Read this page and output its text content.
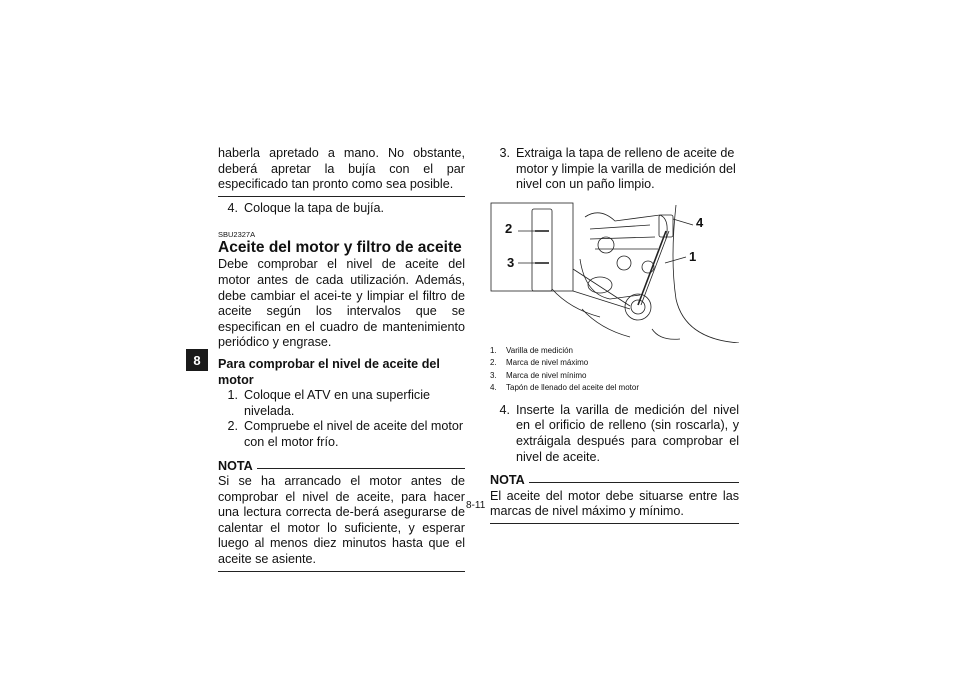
8

haberla apretado a mano. No obstante, deberá apretar la bujía con el par especificado tan pronto como sea posible.

4. Coloque la tapa de bujía.
SBU2327A
Aceite del motor y filtro de aceite

Debe comprobar el nivel de aceite del motor antes de cada utilización. Además, debe cambiar el acei-te y limpiar el filtro de aceite según los intervalos que se especifican en el cuadro de mantenimiento periódico y engrase.

Para comprobar el nivel de aceite del motor
1. Coloque el ATV en una superficie nivelada.
2. Compruebe el nivel de aceite del motor con el motor frío.
NOTA

Si se ha arrancado el motor antes de comprobar el nivel de aceite, para hacer una lectura correcta de-berá asegurarse de calentar el motor lo suficiente, y esperar luego al menos diez minutos hasta que el aceite se asiente.

3. Extraiga la tapa de relleno de aceite de motor y limpie la varilla de medición del nivel con un paño limpio.
2
3
4
1
1.	Varilla de medición
2.	Marca de nivel máximo
3.	Marca de nivel mínimo
4.	Tapón de llenado del aceite del motor
4. Inserte la varilla de medición del nivel en el orificio de relleno (sin roscarla), y extráigala después para comprobar el nivel de aceite.
NOTA

El aceite del motor debe situarse entre las marcas de nivel máximo y mínimo.

8-11
